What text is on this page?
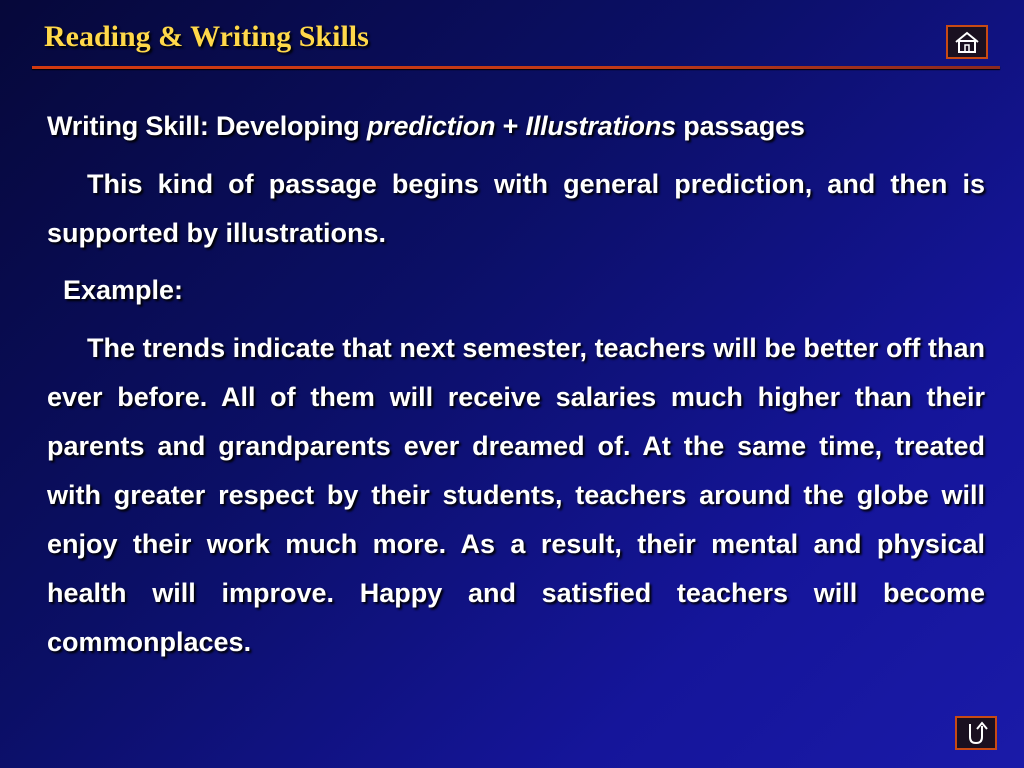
Reading & Writing Skills

Writing Skill: Developing prediction + Illustrations passages

This kind of passage begins with general prediction, and then is supported by illustrations.

Example:

The trends indicate that next semester, teachers will be better off than ever before. All of them will receive salaries much higher than their parents and grandparents ever dreamed of. At the same time, treated with greater respect by their students, teachers around the globe will enjoy their work much more. As a result, their mental and physical health will improve. Happy and satisfied teachers will become commonplaces.
